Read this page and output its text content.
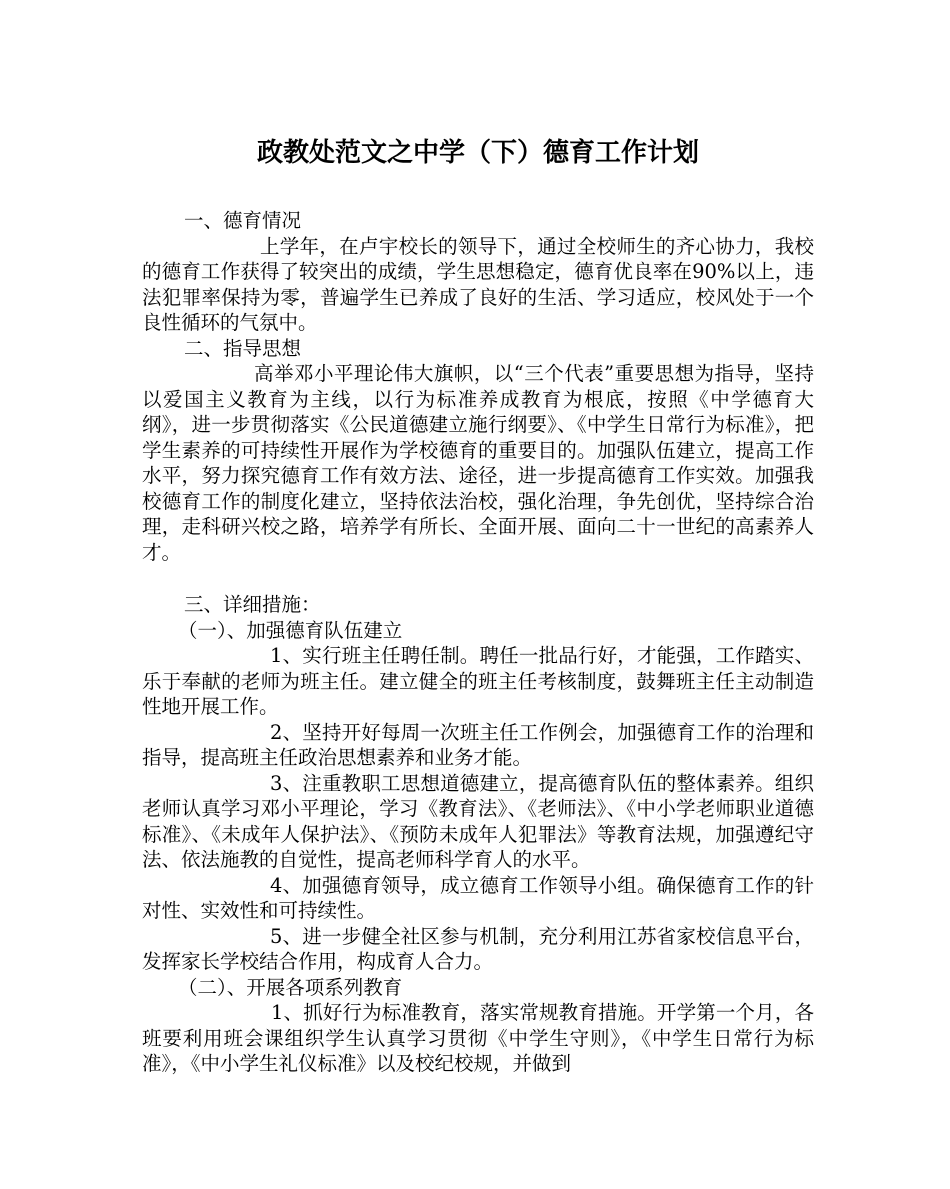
政教处范文之中学（下）德育工作计划

一、德育情况

上学年，在卢宇校长的领导下，通过全校师生的齐心协力，我校的德育工作获得了较突出的成绩，学生思想稳定，德育优良率在90%以上，违法犯罪率保持为零，普遍学生已养成了良好的生活、学习适应，校风处于一个良性循环的气氛中。

二、指导思想

高举邓小平理论伟大旗帜，以“三个代表”重要思想为指导，坚持以爱国主义教育为主线，以行为标准养成教育为根底，按照《中学德育大纲》，进一步贯彻落实《公民道德建立施行纲要》、《中学生日常行为标准》，把学生素养的可持续性开展作为学校德育的重要目的。加强队伍建立，提高工作水平，努力探究德育工作有效方法、途径，进一步提高德育工作实效。加强我校德育工作的制度化建立，坚持依法治校，强化治理，争先创优，坚持综合治理，走科研兴校之路，培养学有所长、全面开展、面向二十一世纪的高素养人才。

三、详细措施：

（一）、加强德育队伍建立

1、实行班主任聘任制。聘任一批品行好，才能强，工作踏实、乐于奉献的老师为班主任。建立健全的班主任考核制度，鼓舞班主任主动制造性地开展工作。

2、坚持开好每周一次班主任工作例会，加强德育工作的治理和指导，提高班主任政治思想素养和业务才能。

3、注重教职工思想道德建立，提高德育队伍的整体素养。组织老师认真学习邓小平理论，学习《教育法》、《老师法》、《中小学老师职业道德标准》、《未成年人保护法》、《预防未成年人犯罪法》等教育法规，加强遵纪守法、依法施教的自觉性，提高老师科学育人的水平。

4、加强德育领导，成立德育工作领导小组。确保德育工作的针对性、实效性和可持续性。

5、进一步健全社区参与机制，充分利用江苏省家校信息平台，发挥家长学校结合作用，构成育人合力。

（二）、开展各项系列教育

1、抓好行为标准教育，落实常规教育措施。开学第一个月，各班要利用班会课组织学生认真学习贯彻《中学生守则》，《中学生日常行为标准》，《中小学生礼仪标准》以及校纪校规，并做到
